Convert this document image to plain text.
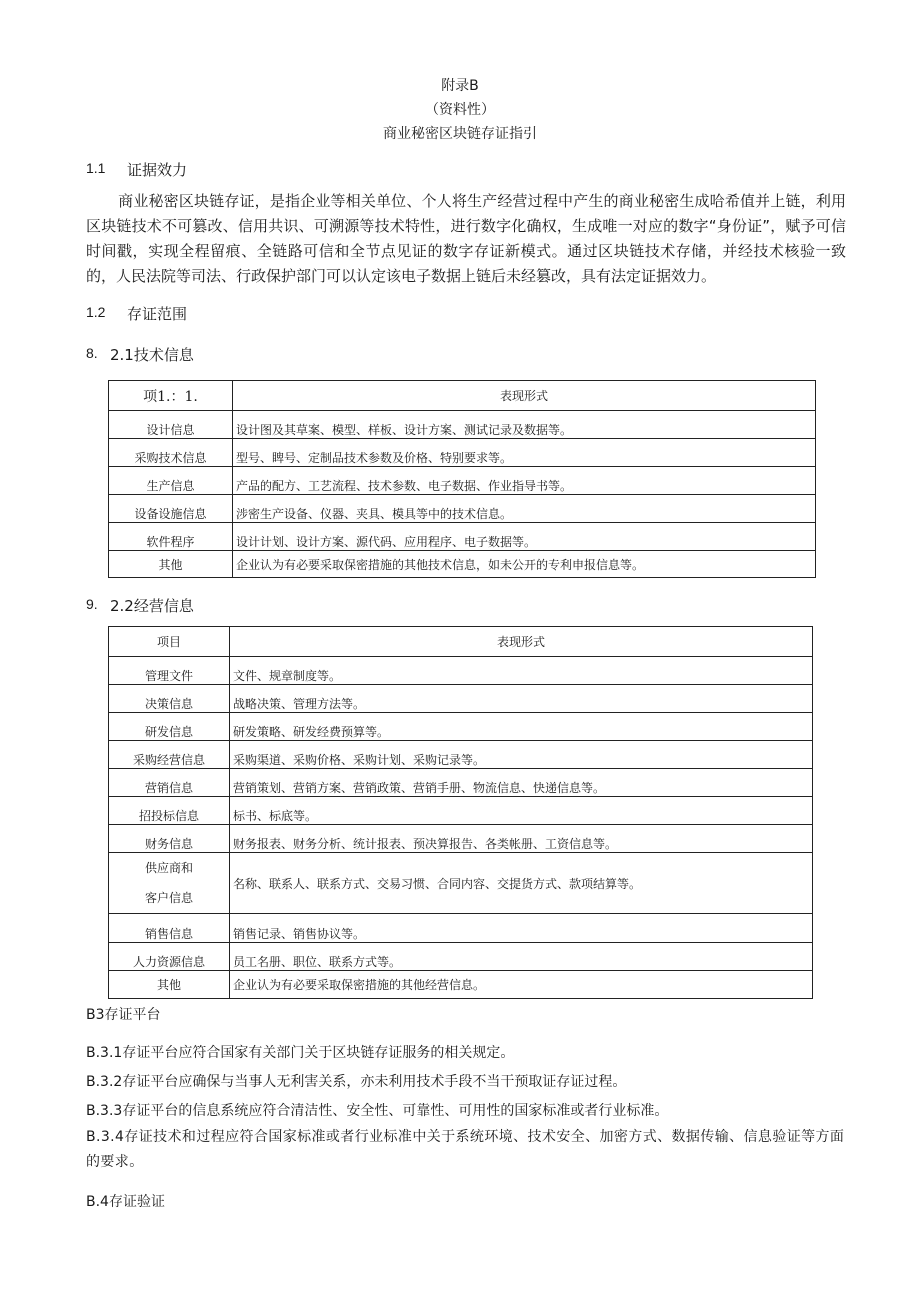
附录B
（资料性）
商业秘密区块链存证指引
1.1 证据效力
商业秘密区块链存证，是指企业等相关单位、个人将生产经营过程中产生的商业秘密生成哈希值并上链，利用区块链技术不可篡改、信用共识、可溯源等技术特性，进行数字化确权，生成唯一对应的数字“身份证”，赋予可信时间戳，实现全程留痕、全链路可信和全节点见证的数字存证新模式。通过区块链技术存储，并经技术核验一致的，人民法院等司法、行政保护部门可以认定该电子数据上链后未经篡改，具有法定证据效力。
1.2 存证范围
8. 2.1技术信息
项1.：1.	表现形式
设计信息	设计图及其草案、模型、样板、设计方案、测试记录及数据等。
采购技术信息	型号、睥号、定制品技术参数及价格、特别要求等。
生产信息	产品的配方、工艺流程、技术参数、电子数据、作业指导书等。
设备设施信息	涉密生产设备、仪器、夹具、模具等中的技术信息。
软件程序	设计计划、设计方案、源代码、应用程序、电子数据等。
其他	企业认为有必要采取保密措施的其他技术信息，如未公开的专利申报信息等。
9. 2.2经营信息
项目	表现形式
管理文件	文件、规章制度等。
决策信息	战略决策、管理方法等。
研发信息	研发策略、研发经费预算等。
采购经营信息	采购渠道、采购价格、采购计划、采购记录等。
营销信息	营销策划、营销方案、营销政策、营销手册、物流信息、快递信息等。
招投标信息	标书、标底等。
财务信息	财务报表、财务分析、统计报表、预决算报告、各类帐册、工资信息等。
供应商和
客户信息	名称、联系人、联系方式、交易习惯、合同内容、交提货方式、款项结算等。
销售信息	销售记录、销售协议等。
人力资源信息	员工名册、职位、联系方式等。
其他	企业认为有必要采取保密措施的其他经营信息。
B3存证平台
B.3.1存证平台应符合国家有关部门关于区块链存证服务的相关规定。
B.3.2存证平台应确保与当事人无利害关系，亦未利用技术手段不当干预取证存证过程。
B.3.3存证平台的信息系统应符合清洁性、安全性、可靠性、可用性的国家标准或者行业标准。
B.3.4存证技术和过程应符合国家标准或者行业标准中关于系统环境、技术安全、加密方式、数据传输、信息验证等方面的要求。
B.4存证验证
